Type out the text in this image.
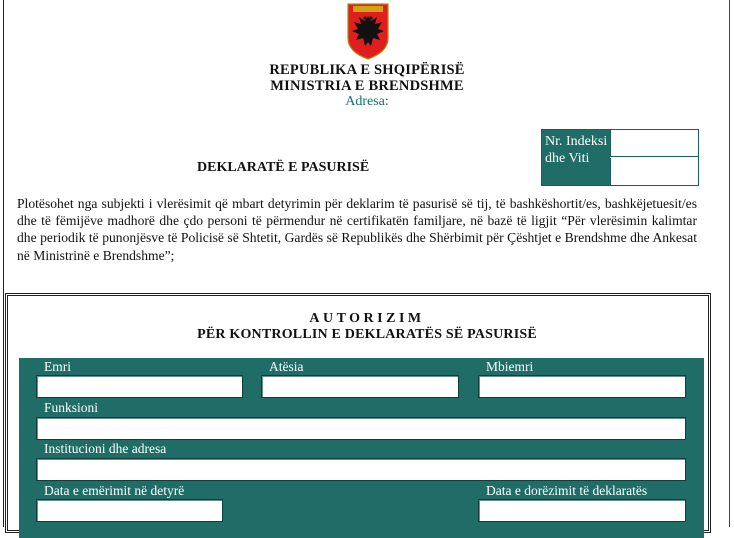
REPUBLIKA E SHQIPËRISË
MINISTRIA E BRENDSHME
Adresa:
DEKLARATË E PASURISË
Nr. Indeksi dhe Viti
Plotësohet nga subjekti i vlerësimit që mbart detyrimin për deklarim të pasurisë së tij, të bashkëshortit/es, bashkëjetuesit/es dhe të fëmijëve madhorë dhe çdo personi të përmendur në certifikatën familjare, në bazë të ligjit “Për vlerësimin kalimtar dhe periodik të punonjësve të Policisë së Shtetit, Gardës së Republikës dhe Shërbimit për Çështjet e Brendshme dhe Ankesat në Ministrinë e Brendshme”;
AUTORIZIM
PËR KONTROLLIN E DEKLARATËS SË PASURISË
Emri	Atësia	Mbiemri
Funksioni
Institucioni dhe adresa
Data e emërimit në detyrë	Data e dorëzimit të deklaratës
